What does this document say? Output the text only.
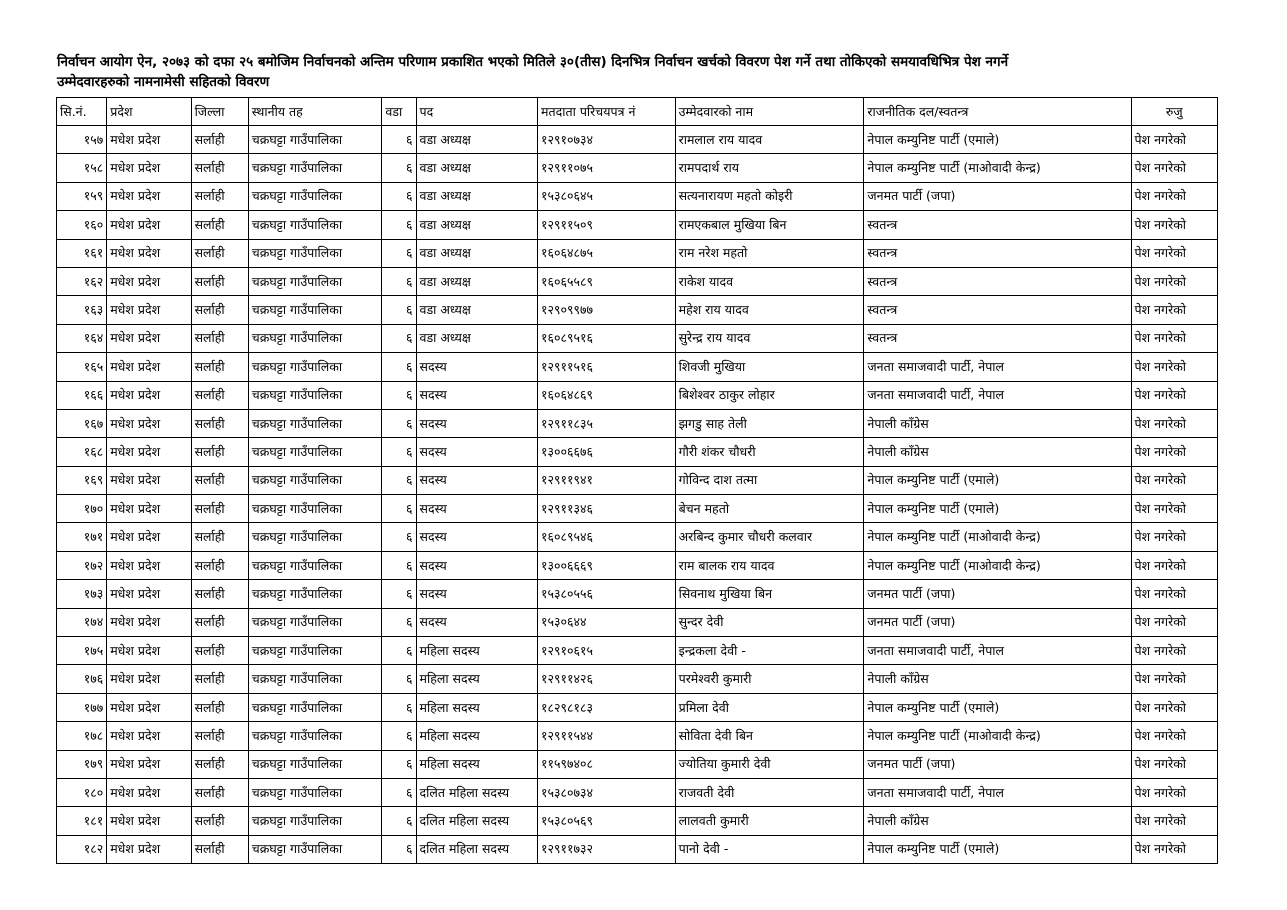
निर्वाचन आयोग ऐन, २०७३ को दफा २५ बमोजिम निर्वाचनको अन्तिम परिणाम प्रकाशित भएको मितिले ३०(तीस) दिनभित्र निर्वाचन खर्चको विवरण पेश गर्ने तथा तोकिएको समयावधिभित्र पेश नगर्ने
उम्मेदवारहरुको नामनामेसी सहितको विवरण
सि.नं.	प्रदेश	जिल्ला	स्थानीय तह	वडा	पद	मतदाता परिचयपत्र नं	उम्मेदवारको नाम	राजनीतिक दल/स्वतन्त्र	रुजु
१५७	मधेश प्रदेश	सर्लाही	चक्रघट्टा गाउँपालिका	६	वडा अध्यक्ष	१२९१०७३४	रामलाल राय यादव	नेपाल कम्युनिष्ट पार्टी (एमाले)	पेश नगरेको
१५८	मधेश प्रदेश	सर्लाही	चक्रघट्टा गाउँपालिका	६	वडा अध्यक्ष	१२९११०७५	रामपदार्थ राय	नेपाल कम्युनिष्ट पार्टी (माओवादी केन्द्र)	पेश नगरेको
१५९	मधेश प्रदेश	सर्लाही	चक्रघट्टा गाउँपालिका	६	वडा अध्यक्ष	१५३८०६४५	सत्यनारायण महतो कोइरी	जनमत पार्टी (जपा)	पेश नगरेको
१६०	मधेश प्रदेश	सर्लाही	चक्रघट्टा गाउँपालिका	६	वडा अध्यक्ष	१२९११५०९	रामएकबाल मुखिया बिन	स्वतन्त्र	पेश नगरेको
१६१	मधेश प्रदेश	सर्लाही	चक्रघट्टा गाउँपालिका	६	वडा अध्यक्ष	१६०६४८७५	राम नरेश महतो	स्वतन्त्र	पेश नगरेको
१६२	मधेश प्रदेश	सर्लाही	चक्रघट्टा गाउँपालिका	६	वडा अध्यक्ष	१६०६५५८९	राकेश यादव	स्वतन्त्र	पेश नगरेको
१६३	मधेश प्रदेश	सर्लाही	चक्रघट्टा गाउँपालिका	६	वडा अध्यक्ष	१२९०९९७७	महेश राय यादव	स्वतन्त्र	पेश नगरेको
१६४	मधेश प्रदेश	सर्लाही	चक्रघट्टा गाउँपालिका	६	वडा अध्यक्ष	१६०८९५१६	सुरेन्द्र राय यादव	स्वतन्त्र	पेश नगरेको
१६५	मधेश प्रदेश	सर्लाही	चक्रघट्टा गाउँपालिका	६	सदस्य	१२९११५१६	शिवजी मुखिया	जनता समाजवादी पार्टी, नेपाल	पेश नगरेको
१६६	मधेश प्रदेश	सर्लाही	चक्रघट्टा गाउँपालिका	६	सदस्य	१६०६४८६९	बिशेश्वर ठाकुर लोहार	जनता समाजवादी पार्टी, नेपाल	पेश नगरेको
१६७	मधेश प्रदेश	सर्लाही	चक्रघट्टा गाउँपालिका	६	सदस्य	१२९११८३५	झगडु साह तेली	नेपाली काँग्रेस	पेश नगरेको
१६८	मधेश प्रदेश	सर्लाही	चक्रघट्टा गाउँपालिका	६	सदस्य	१३००६६७६	गौरी शंकर चौधरी	नेपाली काँग्रेस	पेश नगरेको
१६९	मधेश प्रदेश	सर्लाही	चक्रघट्टा गाउँपालिका	६	सदस्य	१२९११९४१	गोविन्द दाश तत्मा	नेपाल कम्युनिष्ट पार्टी (एमाले)	पेश नगरेको
१७०	मधेश प्रदेश	सर्लाही	चक्रघट्टा गाउँपालिका	६	सदस्य	१२९११३४६	बेचन महतो	नेपाल कम्युनिष्ट पार्टी (एमाले)	पेश नगरेको
१७१	मधेश प्रदेश	सर्लाही	चक्रघट्टा गाउँपालिका	६	सदस्य	१६०८९५४६	अरबिन्द कुमार चौधरी कलवार	नेपाल कम्युनिष्ट पार्टी (माओवादी केन्द्र)	पेश नगरेको
१७२	मधेश प्रदेश	सर्लाही	चक्रघट्टा गाउँपालिका	६	सदस्य	१३००६६६९	राम बालक राय यादव	नेपाल कम्युनिष्ट पार्टी (माओवादी केन्द्र)	पेश नगरेको
१७३	मधेश प्रदेश	सर्लाही	चक्रघट्टा गाउँपालिका	६	सदस्य	१५३८०५५६	सिवनाथ मुखिया बिन	जनमत पार्टी (जपा)	पेश नगरेको
१७४	मधेश प्रदेश	सर्लाही	चक्रघट्टा गाउँपालिका	६	सदस्य	१५३०६४४	सुन्दर देवी	जनमत पार्टी (जपा)	पेश नगरेको
१७५	मधेश प्रदेश	सर्लाही	चक्रघट्टा गाउँपालिका	६	महिला सदस्य	१२९१०६१५	इन्द्रकला देवी -	जनता समाजवादी पार्टी, नेपाल	पेश नगरेको
१७६	मधेश प्रदेश	सर्लाही	चक्रघट्टा गाउँपालिका	६	महिला सदस्य	१२९११४२६	परमेश्वरी कुमारी	नेपाली काँग्रेस	पेश नगरेको
१७७	मधेश प्रदेश	सर्लाही	चक्रघट्टा गाउँपालिका	६	महिला सदस्य	१८२९८१८३	प्रमिला देवी	नेपाल कम्युनिष्ट पार्टी (एमाले)	पेश नगरेको
१७८	मधेश प्रदेश	सर्लाही	चक्रघट्टा गाउँपालिका	६	महिला सदस्य	१२९११५४४	सोविता देवी बिन	नेपाल कम्युनिष्ट पार्टी (माओवादी केन्द्र)	पेश नगरेको
१७९	मधेश प्रदेश	सर्लाही	चक्रघट्टा गाउँपालिका	६	महिला सदस्य	११५९७४०८	ज्योतिया कुमारी देवी	जनमत पार्टी (जपा)	पेश नगरेको
१८०	मधेश प्रदेश	सर्लाही	चक्रघट्टा गाउँपालिका	६	दलित महिला सदस्य	१५३८०७३४	राजवती देवी	जनता समाजवादी पार्टी, नेपाल	पेश नगरेको
१८१	मधेश प्रदेश	सर्लाही	चक्रघट्टा गाउँपालिका	६	दलित महिला सदस्य	१५३८०५६९	लालवती कुमारी	नेपाली काँग्रेस	पेश नगरेको
१८२	मधेश प्रदेश	सर्लाही	चक्रघट्टा गाउँपालिका	६	दलित महिला सदस्य	१२९११७३२	पानो देवी -	नेपाल कम्युनिष्ट पार्टी (एमाले)	पेश नगरेको
